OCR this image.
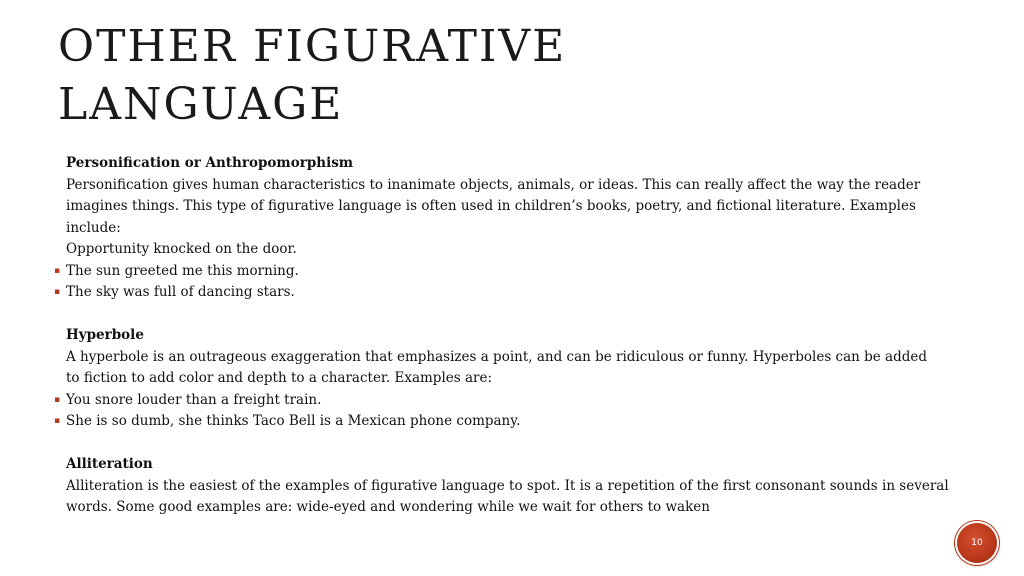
OTHER FIGURATIVE
LANGUAGE
Personification or Anthropomorphism
Personification gives human characteristics to inanimate objects, animals, or ideas. This can really affect the way the reader
imagines things. This type of figurative language is often used in children’s books, poetry, and fictional literature. Examples
include:
Opportunity knocked on the door.
▪ The sun greeted me this morning.
▪ The sky was full of dancing stars.
Hyperbole
A hyperbole is an outrageous exaggeration that emphasizes a point, and can be ridiculous or funny. Hyperboles can be added
to fiction to add color and depth to a character. Examples are:
▪ You snore louder than a freight train.
▪ She is so dumb, she thinks Taco Bell is a Mexican phone company.
Alliteration
Alliteration is the easiest of the examples of figurative language to spot. It is a repetition of the first consonant sounds in several
words. Some good examples are: wide-eyed and wondering while we wait for others to waken
10
